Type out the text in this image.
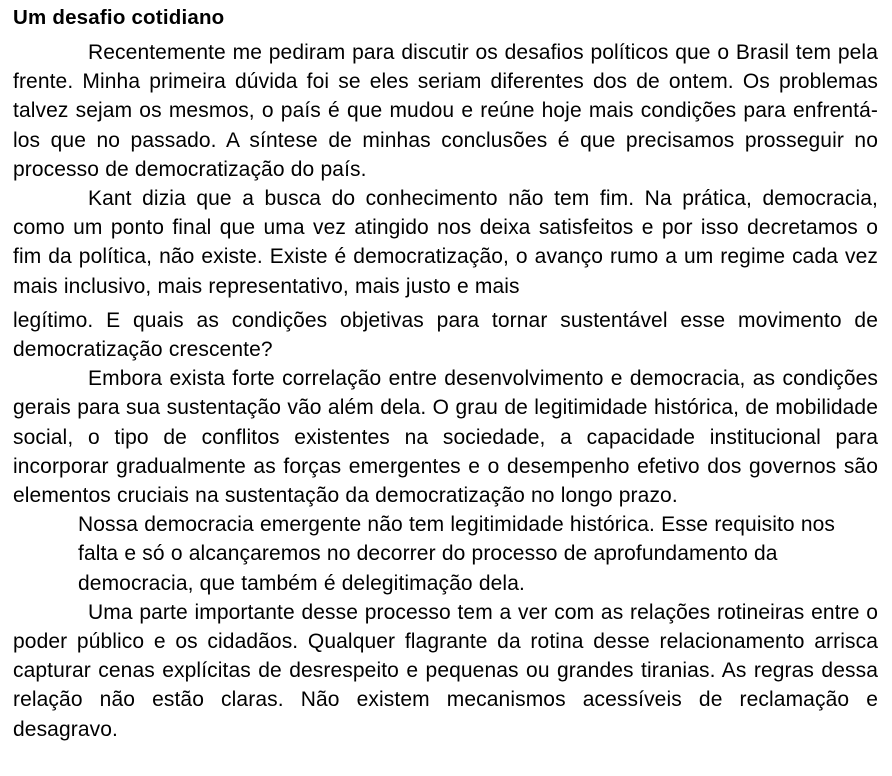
Um desafio cotidiano

Recentemente me pediram para discutir os desafios políticos que o Brasil tem pela frente. Minha primeira dúvida foi se eles seriam diferentes dos de ontem. Os problemas talvez sejam os mesmos, o país é que mudou e reúne hoje mais condições para enfrentá-los que no passado. A síntese de minhas conclusões é que precisamos prosseguir no processo de democratização do país.

Kant dizia que a busca do conhecimento não tem fim. Na prática, democracia, como um ponto final que uma vez atingido nos deixa satisfeitos e por isso decretamos o fim da política, não existe. Existe é democratização, o avanço rumo a um regime cada vez mais inclusivo, mais representativo, mais justo e mais

legítimo. E quais as condições objetivas para tornar sustentável esse movimento de democratização crescente?

Embora exista forte correlação entre desenvolvimento e democracia, as condições gerais para sua sustentação vão além dela. O grau de legitimidade histórica, de mobilidade social, o tipo de conflitos existentes na sociedade, a capacidade institucional para incorporar gradualmente as forças emergentes e o desempenho efetivo dos governos são elementos cruciais na sustentação da democratização no longo prazo.

Nossa democracia emergente não tem legitimidade histórica. Esse requisito nos falta e só o alcançaremos no decorrer do processo de aprofundamento da democracia, que também é delegitimação dela.

Uma parte importante desse processo tem a ver com as relações rotineiras entre o poder público e os cidadãos. Qualquer flagrante da rotina desse relacionamento arrisca capturar cenas explícitas de desrespeito e pequenas ou grandes tiranias. As regras dessa relação não estão claras. Não existem mecanismos acessíveis de reclamação e desagravo.
